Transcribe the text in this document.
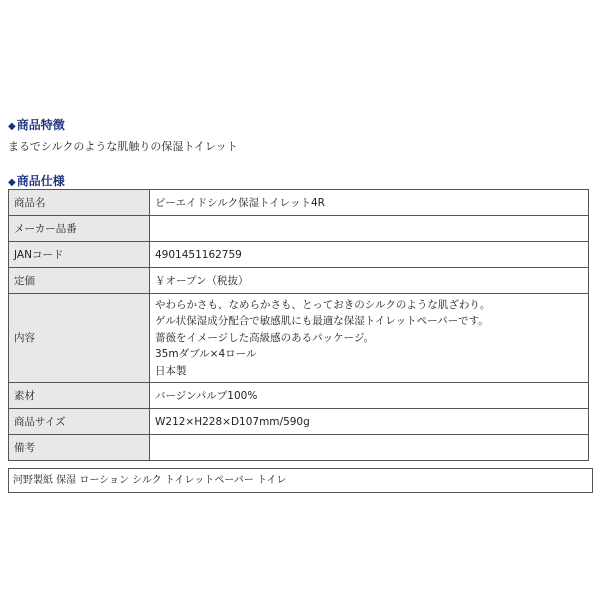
◆商品特徴
まるでシルクのような肌触りの保湿トイレット
◆商品仕様
商品名	ピーエイドシルク保湿トイレット4R
メーカー品番	
JANコード	4901451162759
定価	￥オープン（税抜）
内容	やわらかさも、なめらかさも、とっておきのシルクのような肌ざわり。
ゲル状保湿成分配合で敏感肌にも最適な保湿トイレットペーパーです。
薔薇をイメージした高級感のあるパッケージ。
35mダブル×4ロール
日本製

素材	バージンパルプ100%
商品サイズ	W212×H228×D107mm/590g
備考	
河野製紙 保湿 ローション シルク トイレットペーパー トイレ
